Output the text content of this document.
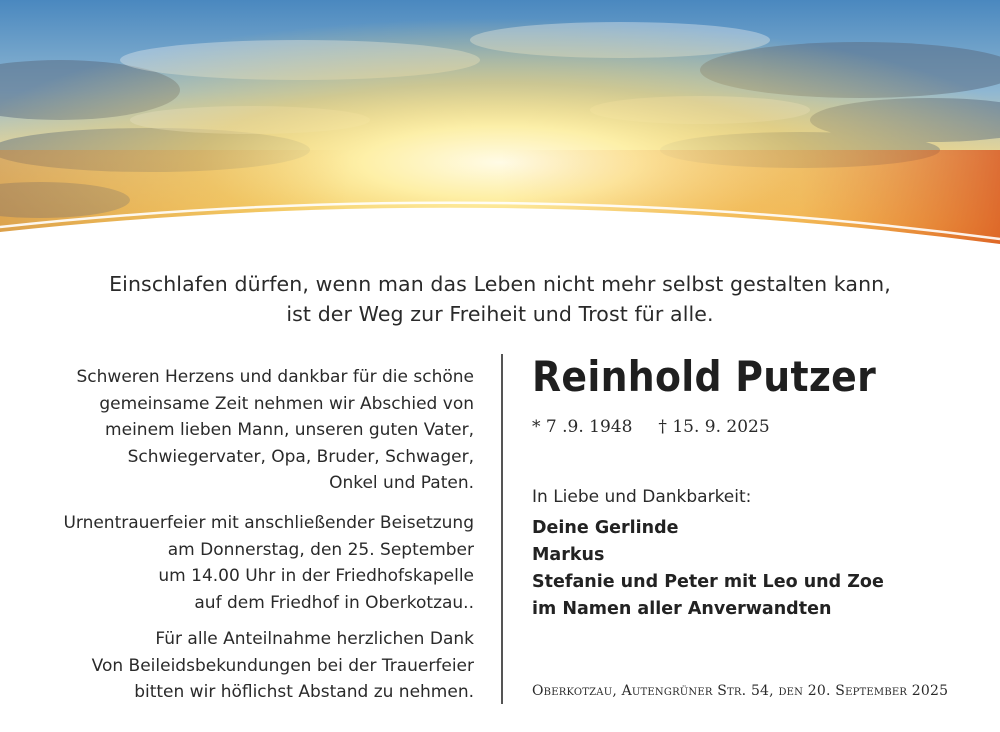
Einschlafen dürfen, wenn man das Leben nicht mehr selbst gestalten kann,
ist der Weg zur Freiheit und Trost für alle.
Schweren Herzens und dankbar für die schöne
gemeinsame Zeit nehmen wir Abschied von
meinem lieben Mann, unseren guten Vater,
Schwiegervater, Opa, Bruder, Schwager,
Onkel und Paten.
Urnentrauerfeier mit anschließender Beisetzung
am Donnerstag, den 25. September
um 14.00 Uhr in der Friedhofskapelle
auf dem Friedhof in Oberkotzau..
Für alle Anteilnahme herzlichen Dank
Von Beileidsbekundungen bei der Trauerfeier
bitten wir höflichst Abstand zu nehmen.
Reinhold Putzer
* 7 .9. 1948 † 15. 9. 2025
In Liebe und Dankbarkeit:
Deine Gerlinde
Markus
Stefanie und Peter mit Leo und Zoe
im Namen aller Anverwandten
Oberkotzau, Autengrüner Str. 54, den 20. September 2025
